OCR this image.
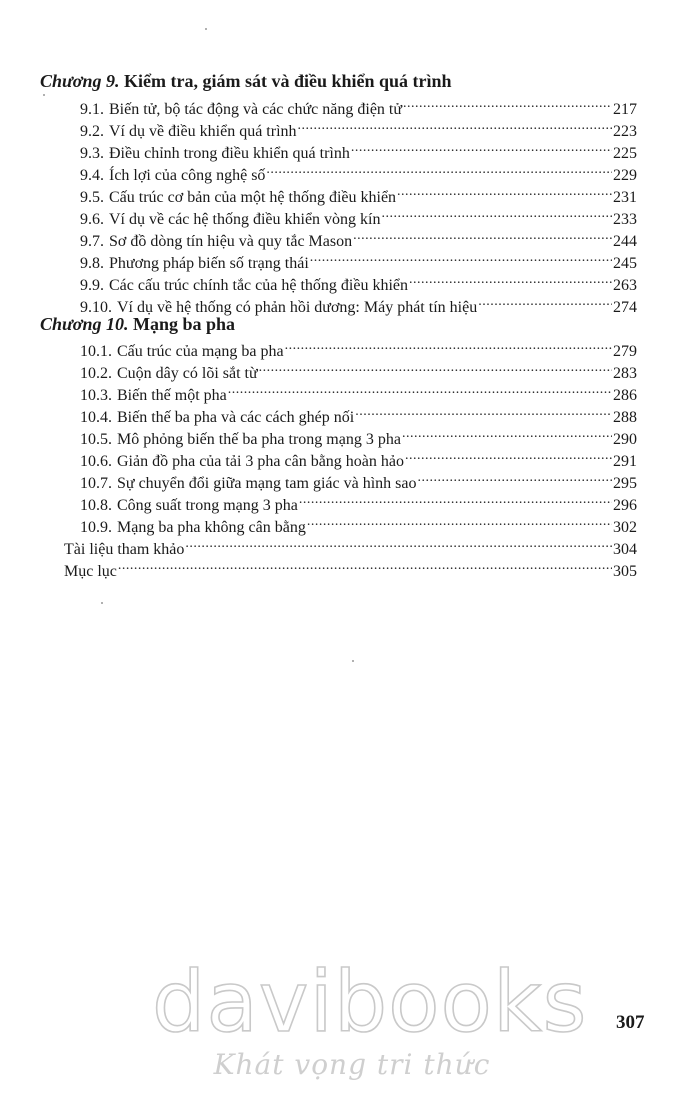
Chương 9. Kiểm tra, giám sát và điều khiển quá trình
9.1. Biến tử, bộ tác động và các chức năng điện tử .....	217
9.2. Ví dụ về điều khiển quá trình .....	223
9.3. Điều chỉnh trong điều khiển quá trình .....	225
9.4. Ích lợi của công nghệ số .....	229
9.5. Cấu trúc cơ bản của một hệ thống điều khiển .....	231
9.6. Ví dụ về các hệ thống điều khiển vòng kín .....	233
9.7. Sơ đồ dòng tín hiệu và quy tắc Mason .....	244
9.8. Phương pháp biến số trạng thái .....	245
9.9. Các cấu trúc chính tắc của hệ thống điều khiển .....	263
9.10. Ví dụ về hệ thống có phản hồi dương: Máy phát tín hiệu .....	274
Chương 10. Mạng ba pha
10.1. Cấu trúc của mạng ba pha .....	279
10.2. Cuộn dây có lõi sắt từ .....	283
10.3. Biến thế một pha .....	286
10.4. Biến thế ba pha và các cách ghép nối .....	288
10.5. Mô phỏng biến thế ba pha trong mạng 3 pha .....	290
10.6. Giản đồ pha của tải 3 pha cân bằng hoàn hảo .....	291
10.7. Sự chuyển đổi giữa mạng tam giác và hình sao .....	295
10.8. Công suất trong mạng 3 pha .....	296
10.9. Mạng ba pha không cân bằng .....	302
Tài liệu tham khảo .....	304
Mục lục .....	305
307
davibooks
Khát vọng tri thức
